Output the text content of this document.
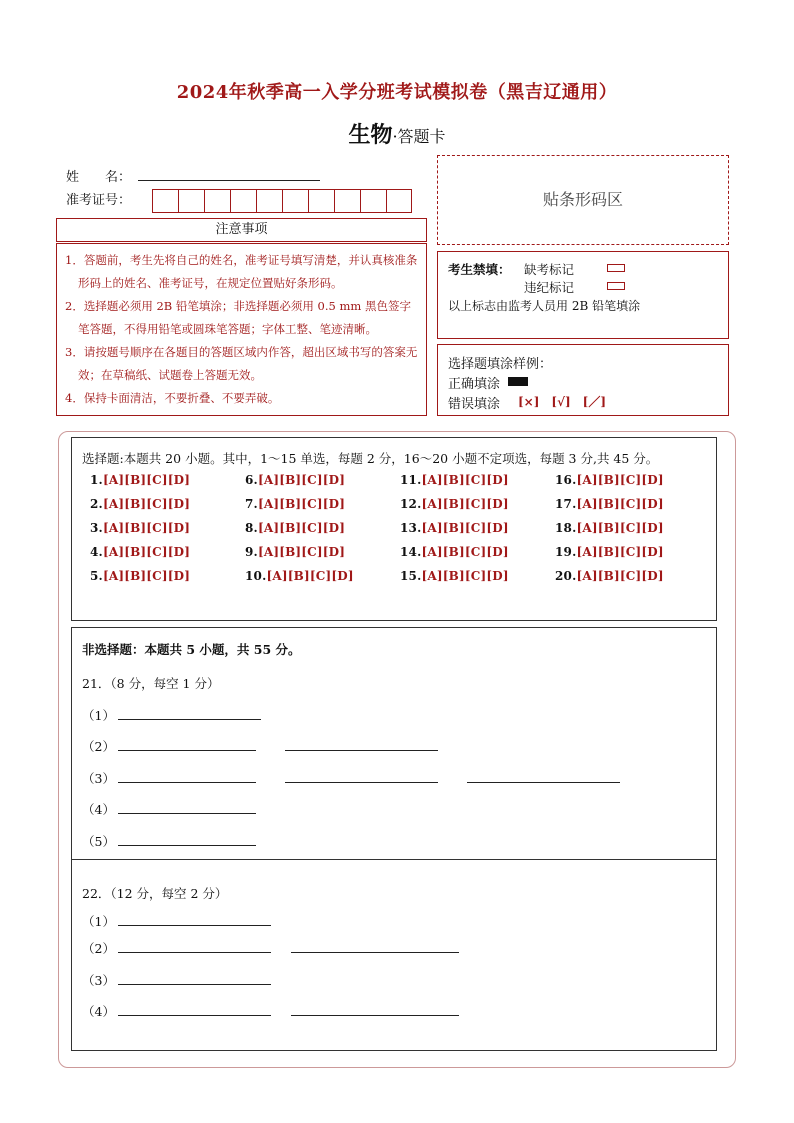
2024年秋季高一入学分班考试模拟卷（黑吉辽通用）
生物·答题卡
姓　　名：
准考证号：
注意事项
1．答题前，考生先将自己的姓名，准考证号填写清楚，并认真核准条形码上的姓名、准考证号，在规定位置贴好条形码。
2．选择题必须用 2B 铅笔填涂；非选择题必须用 0.5 mm 黑色签字笔答题，不得用铅笔或圆珠笔答题；字体工整、笔迹清晰。
3．请按题号顺序在各题目的答题区域内作答，超出区域书写的答案无效；在草稿纸、试题卷上答题无效。
4．保持卡面清洁，不要折叠、不要弄破。
贴条形码区
考生禁填： 缺考标记
违纪标记
以上标志由监考人员用 2B 铅笔填涂
选择题填涂样例：
正确填涂
错误填涂 [×]　[√]　[／]
选择题:本题共 20 小题。其中，1～15 单选，每题 2 分，16～20 小题不定项选，每题 3 分,共 45 分。
1.[A][B][C][D]	6.[A][B][C][D]	11.[A][B][C][D]	16.[A][B][C][D]
2.[A][B][C][D]	7.[A][B][C][D]	12.[A][B][C][D]	17.[A][B][C][D]
3.[A][B][C][D]	8.[A][B][C][D]	13.[A][B][C][D]	18.[A][B][C][D]
4.[A][B][C][D]	9.[A][B][C][D]	14.[A][B][C][D]	19.[A][B][C][D]
5.[A][B][C][D]	10.[A][B][C][D]	15.[A][B][C][D]	20.[A][B][C][D]
非选择题：本题共 5 小题，共 55 分。
21．（8 分，每空 1 分）
（1）
（2）
（3）
（4）
（5）
22．（12 分，每空 2 分）
（1）
（2）
（3）
（4）
